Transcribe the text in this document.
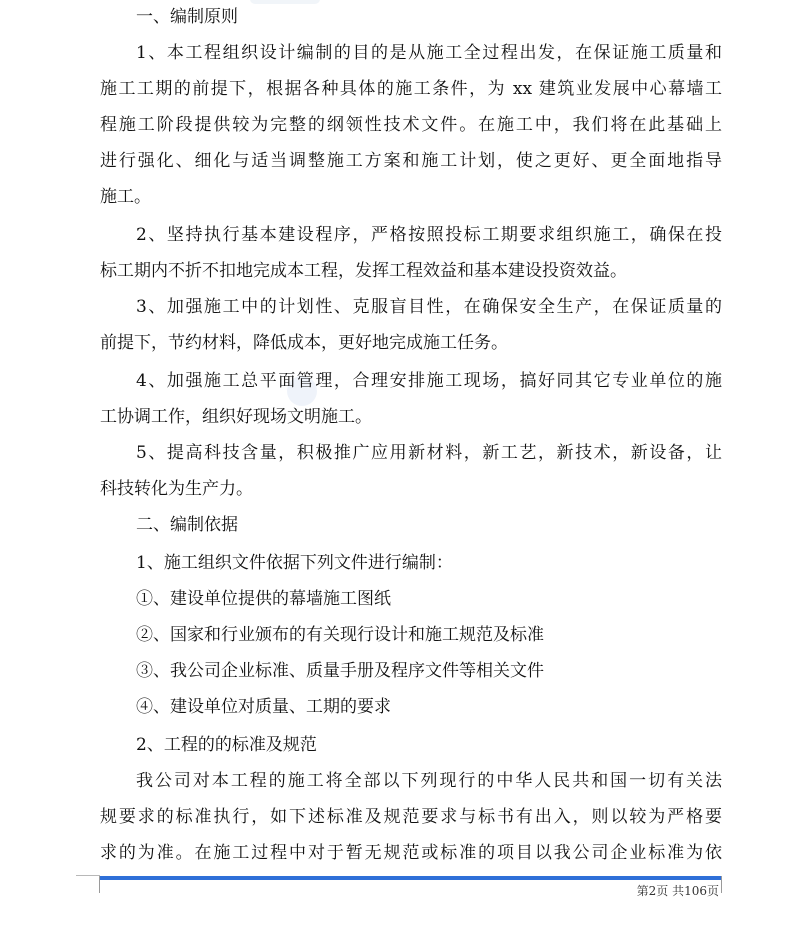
一、编制原则
1、本工程组织设计编制的目的是从施工全过程出发，在保证施工质量和
施工工期的前提下，根据各种具体的施工条件，为 xx 建筑业发展中心幕墙工
程施工阶段提供较为完整的纲领性技术文件。在施工中，我们将在此基础上
进行强化、细化与适当调整施工方案和施工计划，使之更好、更全面地指导
施工。
2、坚持执行基本建设程序，严格按照投标工期要求组织施工，确保在投
标工期内不折不扣地完成本工程，发挥工程效益和基本建设投资效益。
3、加强施工中的计划性、克服盲目性，在确保安全生产，在保证质量的
前提下，节约材料，降低成本，更好地完成施工任务。
4、加强施工总平面管理，合理安排施工现场，搞好同其它专业单位的施
工协调工作，组织好现场文明施工。
5、提高科技含量，积极推广应用新材料，新工艺，新技术，新设备，让
科技转化为生产力。
二、编制依据
1、施工组织文件依据下列文件进行编制：
①、建设单位提供的幕墙施工图纸
②、国家和行业颁布的有关现行设计和施工规范及标准
③、我公司企业标准、质量手册及程序文件等相关文件
④、建设单位对质量、工期的要求
2、工程的的标准及规范
我公司对本工程的施工将全部以下列现行的中华人民共和国一切有关法
规要求的标准执行，如下述标准及规范要求与标书有出入，则以较为严格要
求的为准。在施工过程中对于暂无规范或标准的项目以我公司企业标准为依
第2页 共106页
